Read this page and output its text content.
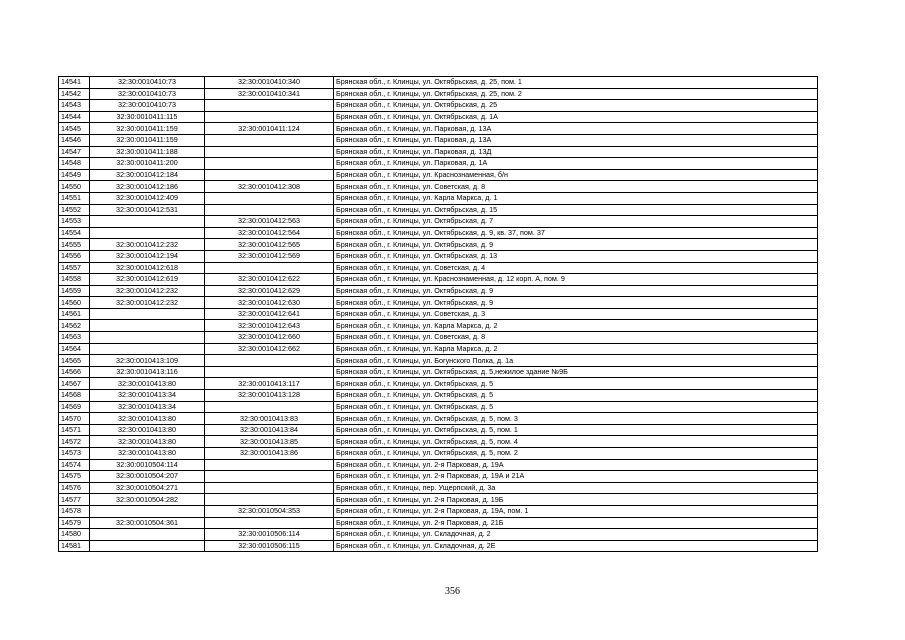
14541	32:30:0010410:73	32:30:0010410:340	Брянская обл., г. Клинцы, ул. Октябрьская, д. 25, пом. 1
14542	32:30:0010410:73	32:30:0010410:341	Брянская обл., г. Клинцы, ул. Октябрьская, д. 25, пом. 2
14543	32:30:0010410:73		Брянская обл., г. Клинцы, ул. Октябрьская, д. 25
14544	32:30:0010411:115		Брянская обл., г. Клинцы, ул. Октябрьская, д. 1А
14545	32:30:0010411:159	32:30:0010411:124	Брянская обл., г. Клинцы, ул. Парковая, д. 13А
14546	32:30:0010411:159		Брянская обл., г. Клинцы, ул. Парковая, д. 13А
14547	32:30:0010411:188		Брянская обл., г. Клинцы, ул. Парковая, д. 13Д
14548	32:30:0010411:200		Брянская обл., г. Клинцы, ул. Парковая, д. 1А
14549	32:30:0010412:184		Брянская обл., г. Клинцы, ул. Краснознаменная, б/н
14550	32:30:0010412:186	32:30:0010412:308	Брянская обл., г. Клинцы, ул. Советская, д. 8
14551	32:30:0010412:409		Брянская обл., г. Клинцы, ул. Карла Маркса, д. 1
14552	32:30:0010412:531		Брянская обл., г. Клинцы, ул. Октябрьская, д. 15
14553		32:30:0010412:563	Брянская обл., г. Клинцы, ул. Октябрьская, д. 7
14554		32:30:0010412:564	Брянская обл., г. Клинцы, ул. Октябрьская, д. 9, кв. 37, пом. 37
14555	32:30:0010412:232	32:30:0010412:565	Брянская обл., г. Клинцы, ул. Октябрьская, д. 9
14556	32:30:0010412:194	32:30:0010412:569	Брянская обл., г. Клинцы, ул. Октябрьская, д. 13
14557	32:30:0010412:618		Брянская обл., г. Клинцы, ул. Советская, д. 4
14558	32:30:0010412:619	32:30:0010412:622	Брянская обл., г. Клинцы, ул. Краснознаменная, д. 12 корп. А, пом. 9
14559	32:30:0010412:232	32:30:0010412:629	Брянская обл., г. Клинцы, ул. Октябрьская, д. 9
14560	32:30:0010412:232	32:30:0010412:630	Брянская обл., г. Клинцы, ул. Октябрьская, д. 9
14561		32:30:0010412:641	Брянская обл., г. Клинцы, ул. Советская, д. 3
14562		32:30:0010412:643	Брянская обл., г. Клинцы, ул. Карла Маркса, д. 2
14563		32:30:0010412:660	Брянская обл., г. Клинцы, ул. Советская, д. 8
14564		32:30:0010412:662	Брянская обл., г. Клинцы, ул. Карла Маркса, д. 2
14565	32:30:0010413:109		Брянская обл., г. Клинцы, ул. Богунского Полка, д. 1а
14566	32:30:0010413:116		Брянская обл., г. Клинцы, ул. Октябрьская, д. 5,нежилое здание №9Б
14567	32:30:0010413:80	32:30:0010413:117	Брянская обл., г. Клинцы, ул. Октябрьская, д. 5
14568	32:30:0010413:34	32:30:0010413:128	Брянская обл., г. Клинцы, ул. Октябрьская, д. 5
14569	32:30:0010413:34		Брянская обл., г. Клинцы, ул. Октябрьская, д. 5
14570	32:30:0010413:80	32:30:0010413:83	Брянская обл., г. Клинцы, ул. Октябрьская, д. 5, пом. 3
14571	32:30:0010413:80	32:30:0010413:84	Брянская обл., г. Клинцы, ул. Октябрьская, д. 5, пом. 1
14572	32:30:0010413:80	32:30:0010413:85	Брянская обл., г. Клинцы, ул. Октябрьская, д. 5, пом. 4
14573	32:30:0010413:80	32:30:0010413:86	Брянская обл., г. Клинцы, ул. Октябрьская, д. 5, пом. 2
14574	32:30:0010504:114		Брянская обл., г. Клинцы, ул. 2-я Парковая, д. 19А
14575	32:30:0010504:207		Брянская обл., г. Клинцы, ул. 2-я Парковая, д. 19А и 21А
14576	32:30:0010504:271		Брянская обл., г. Клинцы, пер. Ущерпский, д. 3а
14577	32:30:0010504:282		Брянская обл., г. Клинцы, ул. 2-я Парковая, д. 19Б
14578		32:30:0010504:353	Брянская обл., г. Клинцы, ул. 2-я Парковая, д. 19А, пом. 1
14579	32:30:0010504:361		Брянская обл., г. Клинцы, ул. 2-я Парковая, д. 21Б
14580		32:30:0010506:114	Брянская обл., г. Клинцы, ул. Складочная, д. 2
14581		32:30:0010506:115	Брянская обл., г. Клинцы, ул. Складочная, д. 2Е
356
